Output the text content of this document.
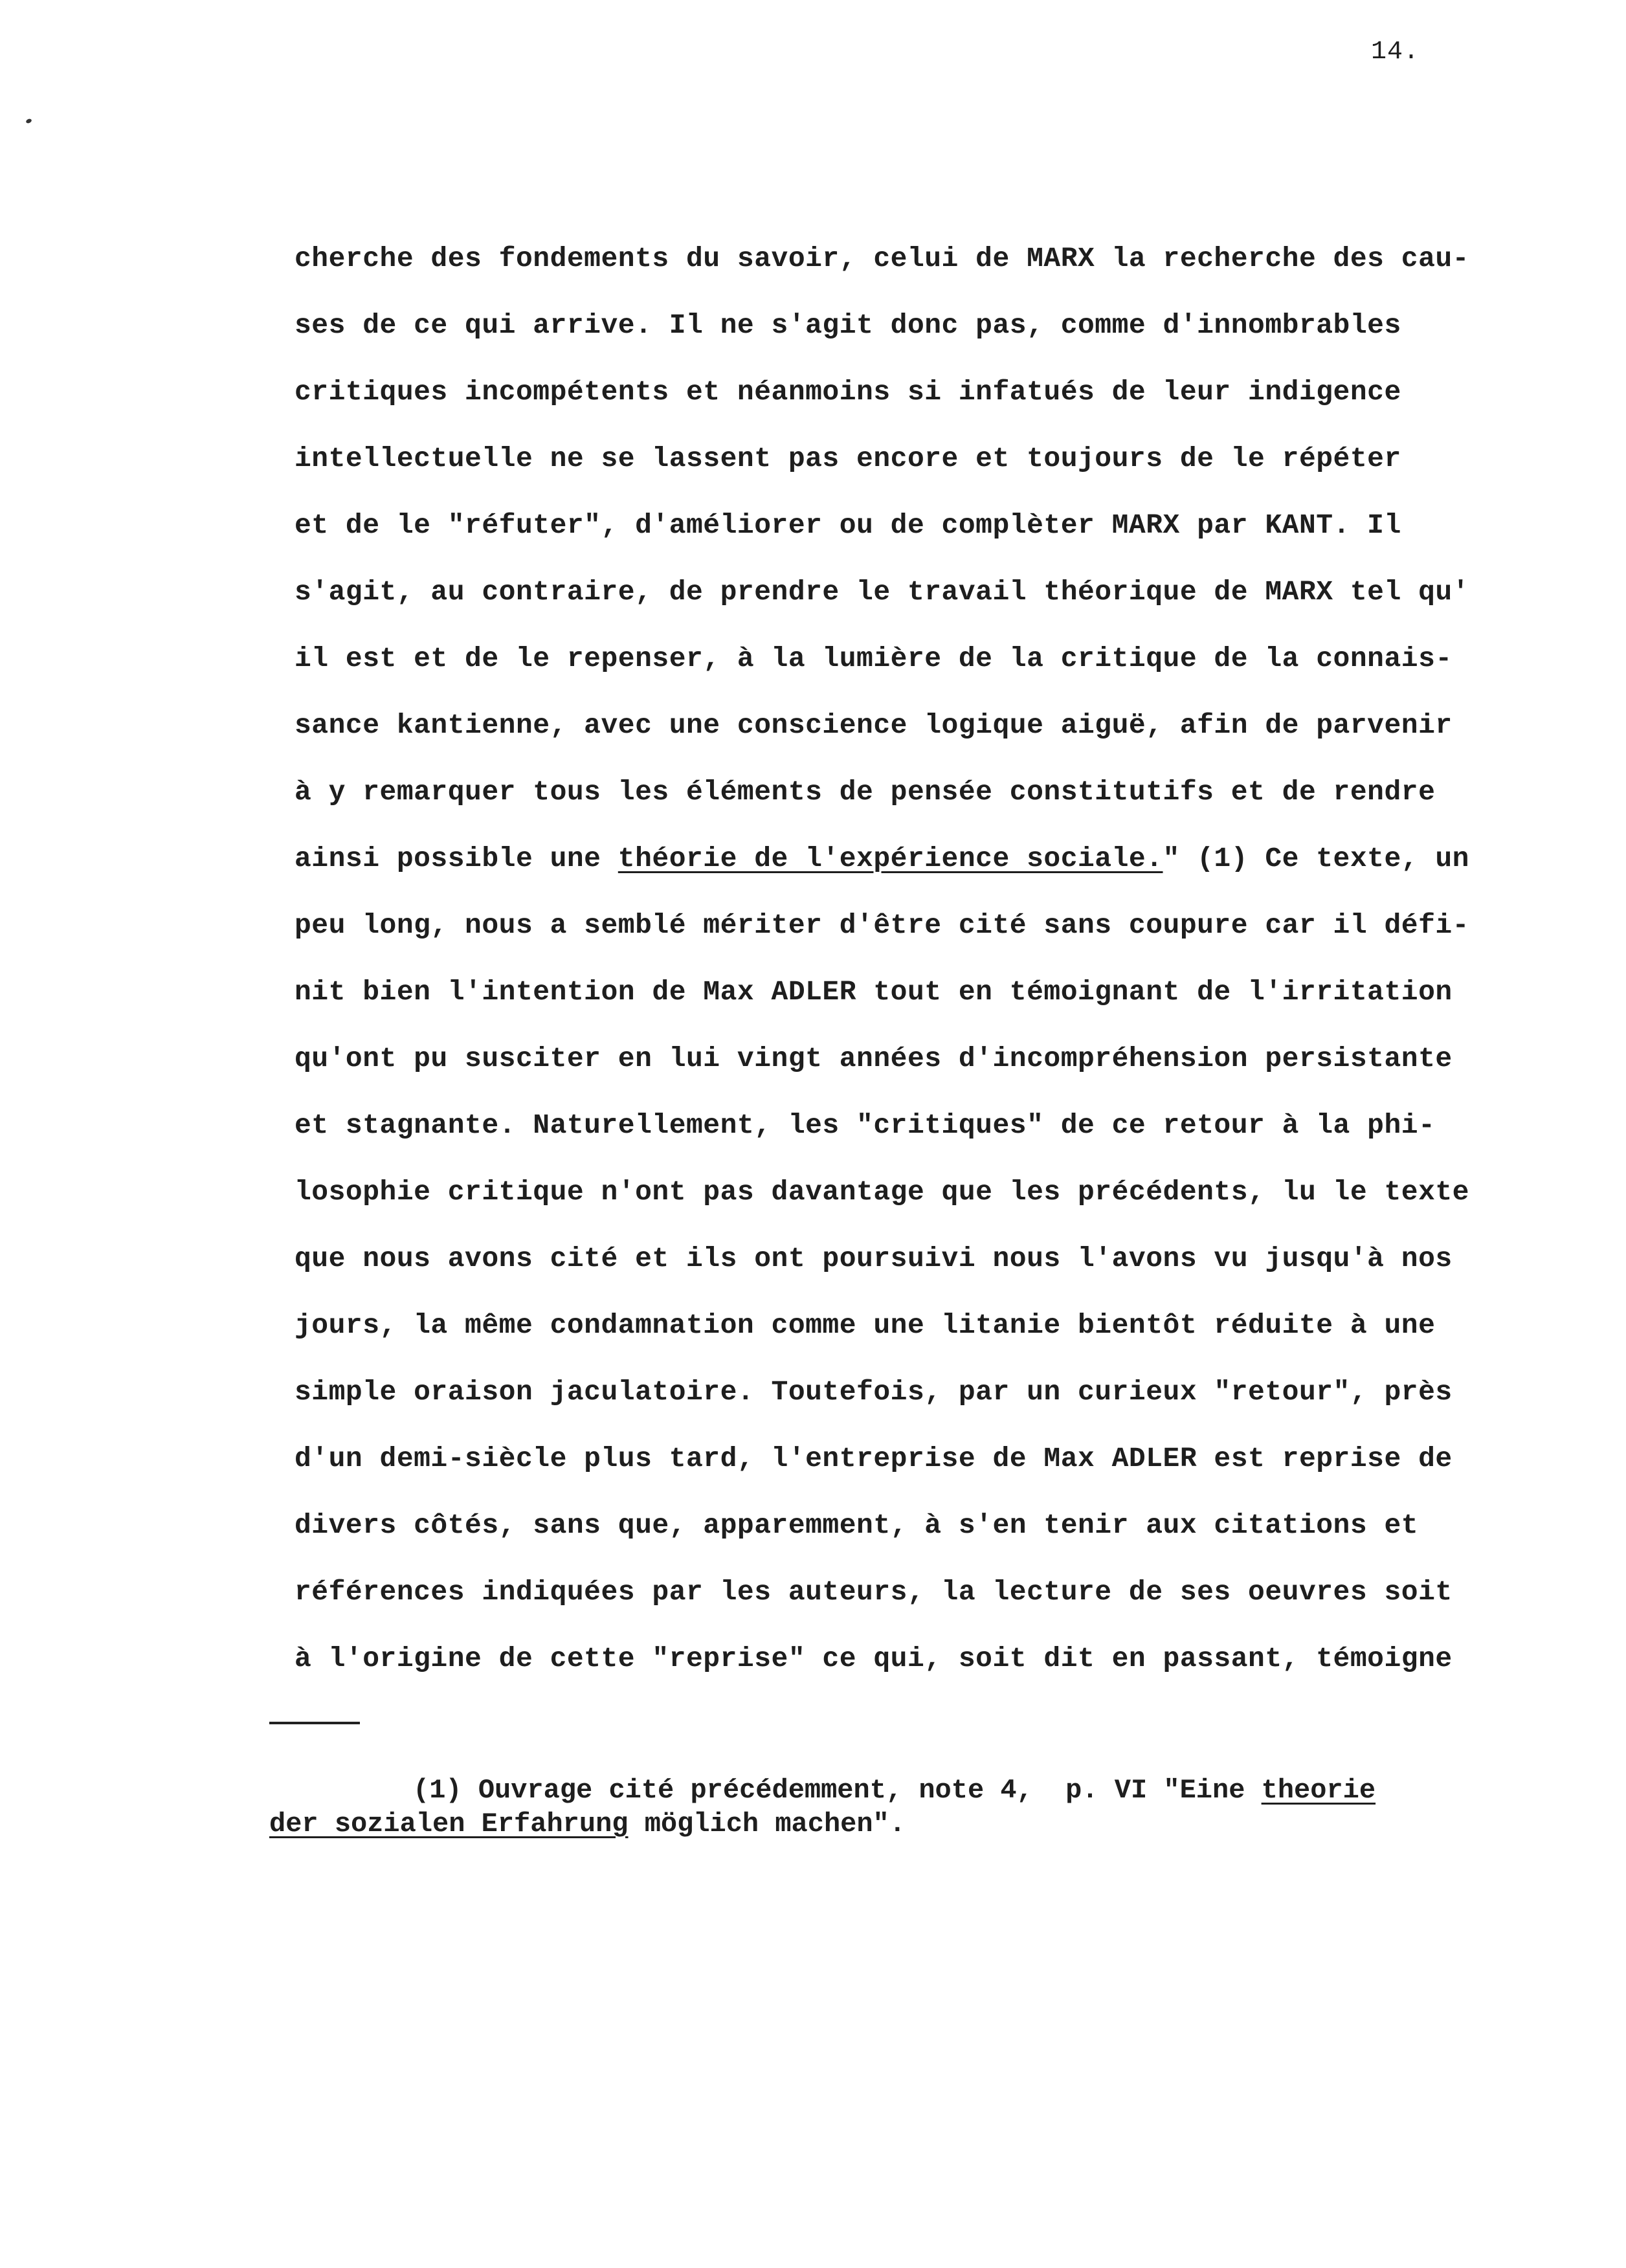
14.
cherche des fondements du savoir, celui de MARX la recherche des cau-
ses de ce qui arrive. Il ne s'agit donc pas, comme d'innombrables
critiques incompétents et néanmoins si infatués de leur indigence
intellectuelle ne se lassent pas encore et toujours de le répéter
et de le "réfuter", d'améliorer ou de complèter MARX par KANT. Il
s'agit, au contraire, de prendre le travail théorique de MARX tel qu'
il est et de le repenser, à la lumière de la critique de la connais-
sance kantienne, avec une conscience logique aiguë, afin de parvenir
à y remarquer tous les éléments de pensée constitutifs et de rendre
ainsi possible une théorie de l'expérience sociale." (1) Ce texte, un
peu long, nous a semblé mériter d'être cité sans coupure car il défi-
nit bien l'intention de Max ADLER tout en témoignant de l'irritation
qu'ont pu susciter en lui vingt années d'incompréhension persistante
et stagnante. Naturellement, les "critiques" de ce retour à la phi-
losophie critique n'ont pas davantage que les précédents, lu le texte
que nous avons cité et ils ont poursuivi nous l'avons vu jusqu'à nos
jours, la même condamnation comme une litanie bientôt réduite à une
simple oraison jaculatoire. Toutefois, par un curieux "retour", près
d'un demi-siècle plus tard, l'entreprise de Max ADLER est reprise de
divers côtés, sans que, apparemment, à s'en tenir aux citations et
références indiquées par les auteurs, la lecture de ses oeuvres soit
à l'origine de cette "reprise" ce qui, soit dit en passant, témoigne
(1) Ouvrage cité précédemment, note 4,  p. VI "Eine theorie
der sozialen Erfahrung möglich machen".
